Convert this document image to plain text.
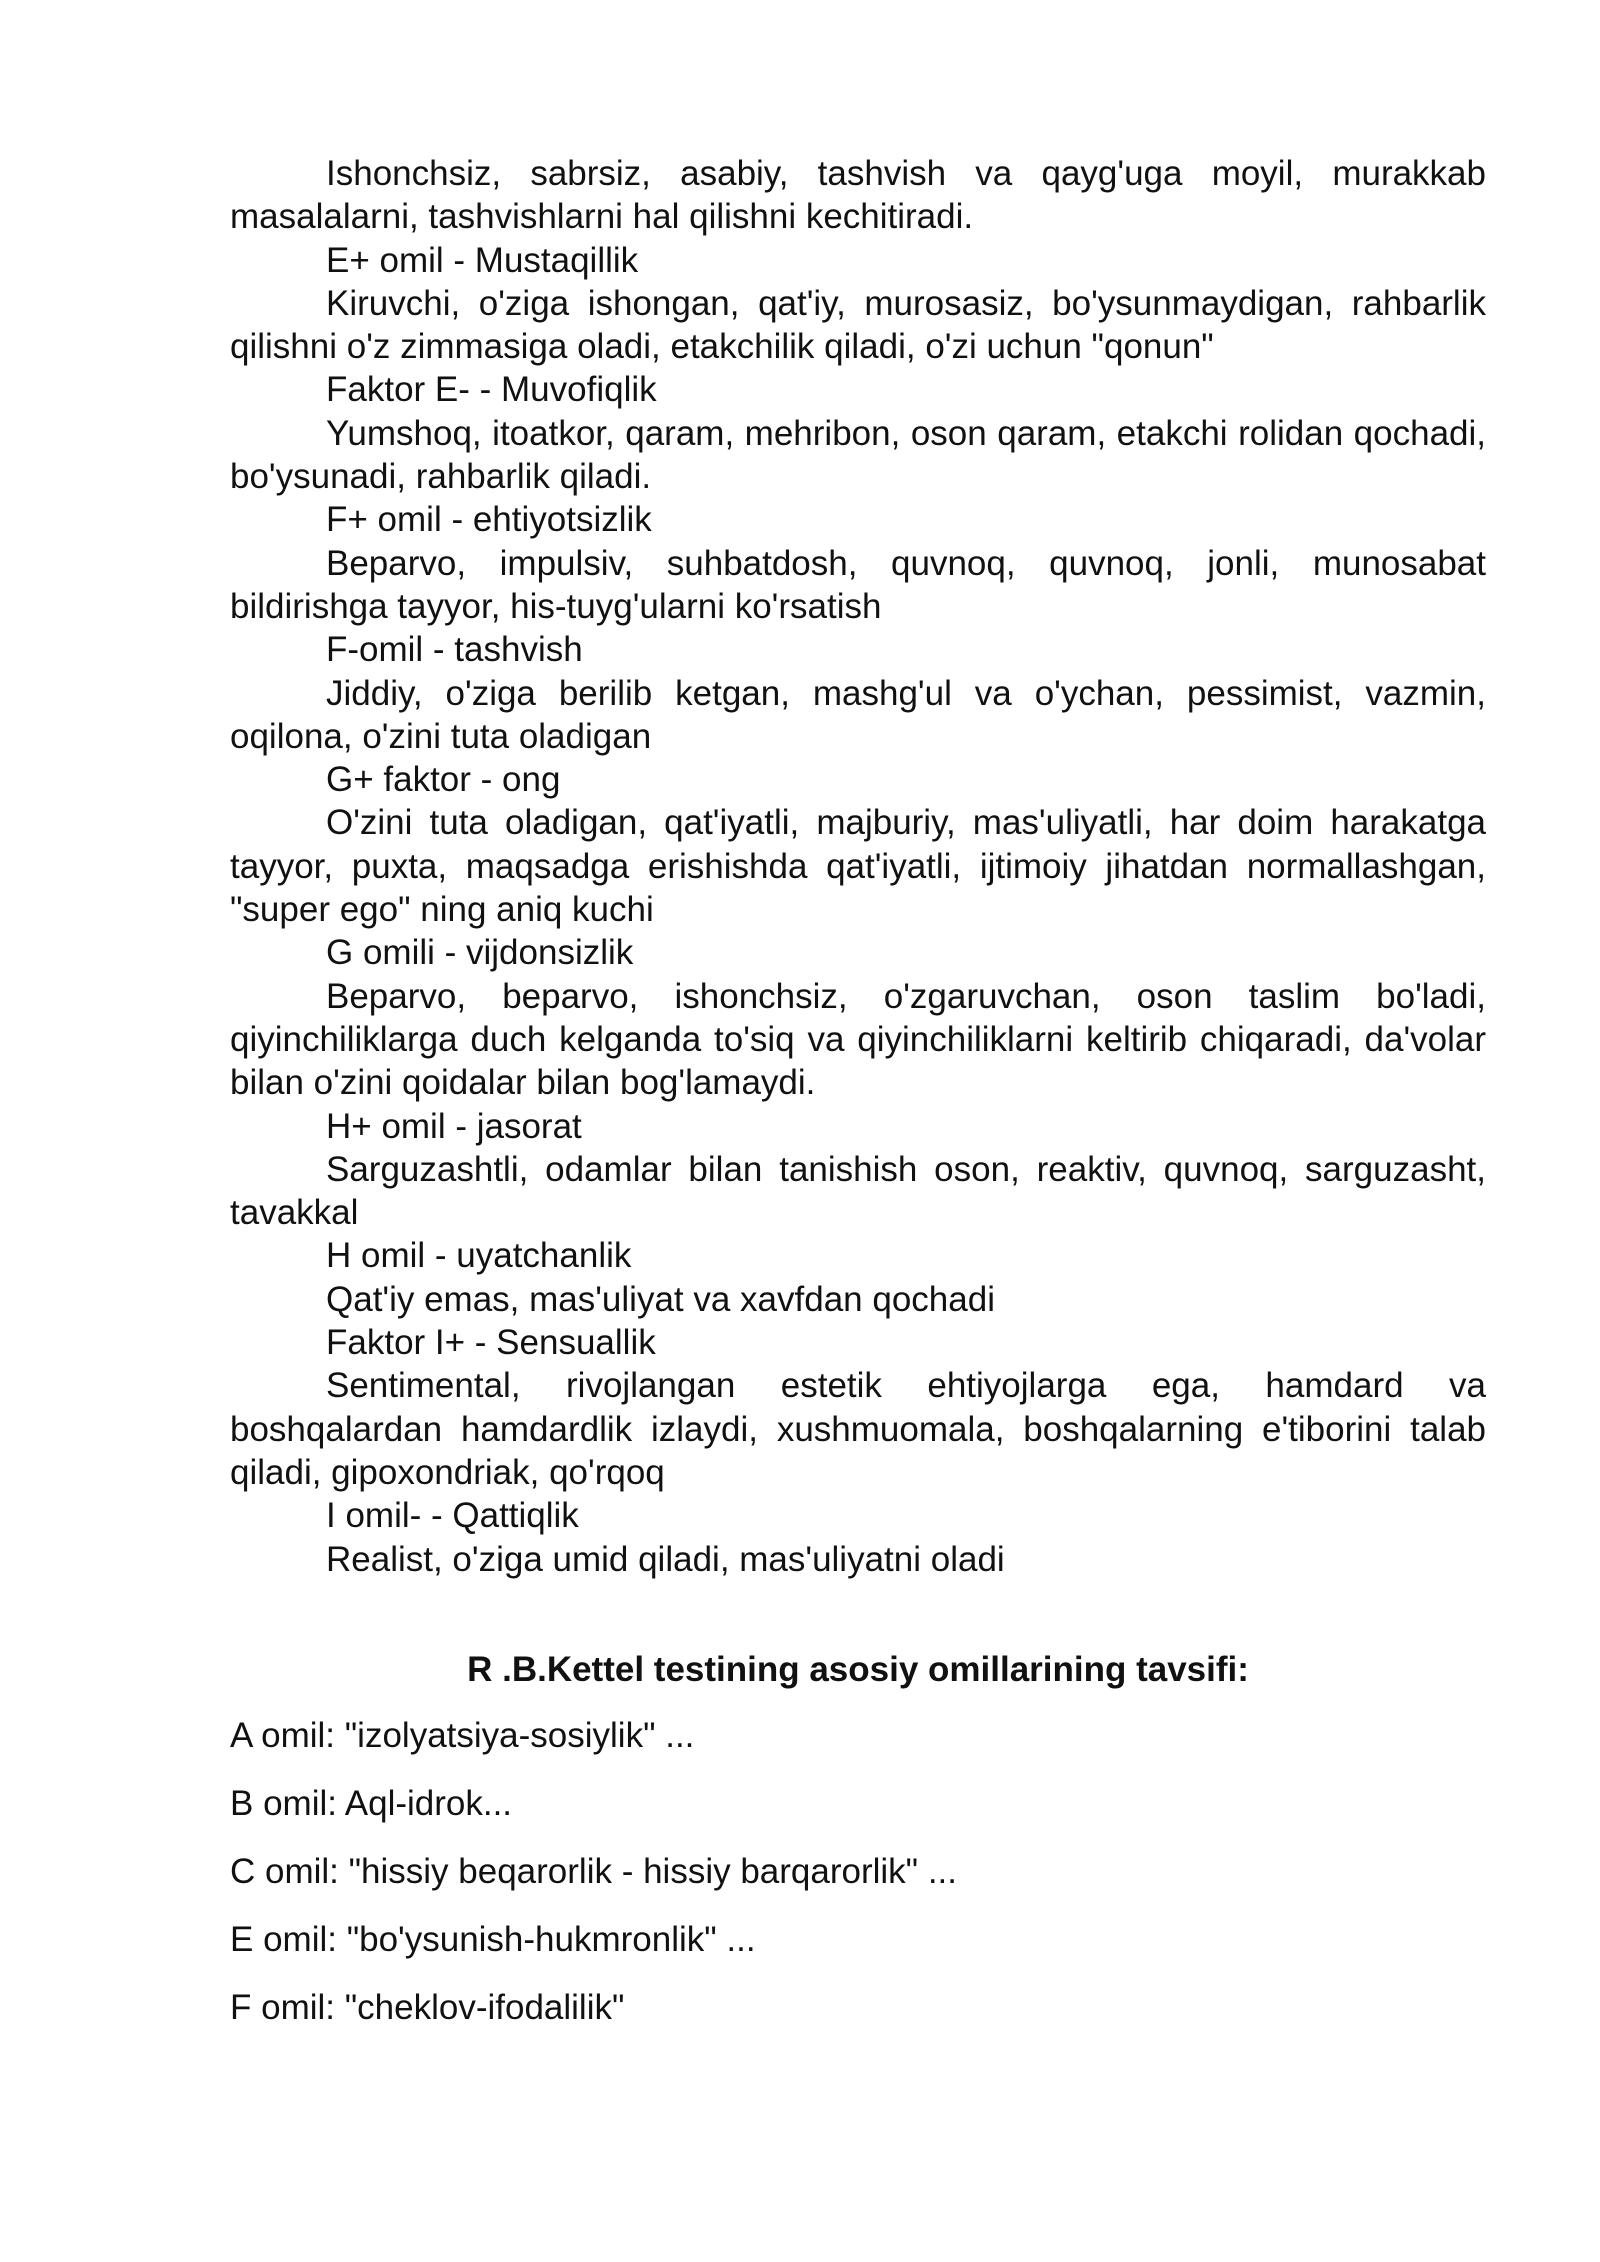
Ishonchsiz, sabrsiz, asabiy, tashvish va qayg'uga moyil, murakkab masalalarni, tashvishlarni hal qilishni kechitiradi.

E+ omil - Mustaqillik

Kiruvchi, o'ziga ishongan, qat'iy, murosasiz, bo'ysunmaydigan, rahbarlik qilishni o'z zimmasiga oladi, etakchilik qiladi, o'zi uchun "qonun"

Faktor E- - Muvofiqlik

Yumshoq, itoatkor, qaram, mehribon, oson qaram, etakchi rolidan qochadi, bo'ysunadi, rahbarlik qiladi.

F+ omil - ehtiyotsizlik

Beparvo, impulsiv, suhbatdosh, quvnoq, quvnoq, jonli, munosabat bildirishga tayyor, his-tuyg'ularni ko'rsatish

F-omil - tashvish

Jiddiy, o'ziga berilib ketgan, mashg'ul va o'ychan, pessimist, vazmin, oqilona, o'zini tuta oladigan

G+ faktor - ong

O'zini tuta oladigan, qat'iyatli, majburiy, mas'uliyatli, har doim harakatga tayyor, puxta, maqsadga erishishda qat'iyatli, ijtimoiy jihatdan normallashgan, "super ego" ning aniq kuchi

G omili - vijdonsizlik

Beparvo, beparvo, ishonchsiz, o'zgaruvchan, oson taslim bo'ladi, qiyinchiliklarga duch kelganda to'siq va qiyinchiliklarni keltirib chiqaradi, da'volar bilan o'zini qoidalar bilan bog'lamaydi.

H+ omil - jasorat

Sarguzashtli, odamlar bilan tanishish oson, reaktiv, quvnoq, sarguzasht, tavakkal

H omil - uyatchanlik

Qat'iy emas, mas'uliyat va xavfdan qochadi

Faktor I+ - Sensuallik

Sentimental, rivojlangan estetik ehtiyojlarga ega, hamdard va boshqalardan hamdardlik izlaydi, xushmuomala, boshqalarning e'tiborini talab qiladi, gipoxondriak, qo'rqoq

I omil- - Qattiqlik

Realist, o'ziga umid qiladi, mas'uliyatni oladi

R .B.Kettel testining asosiy omillarining tavsifi:
A omil: "izolyatsiya-sosiylik" ...
B omil: Aql-idrok...
C omil: "hissiy beqarorlik - hissiy barqarorlik" ...
E omil: "bo'ysunish-hukmronlik" ...
F omil: "cheklov-ifodalilik"
